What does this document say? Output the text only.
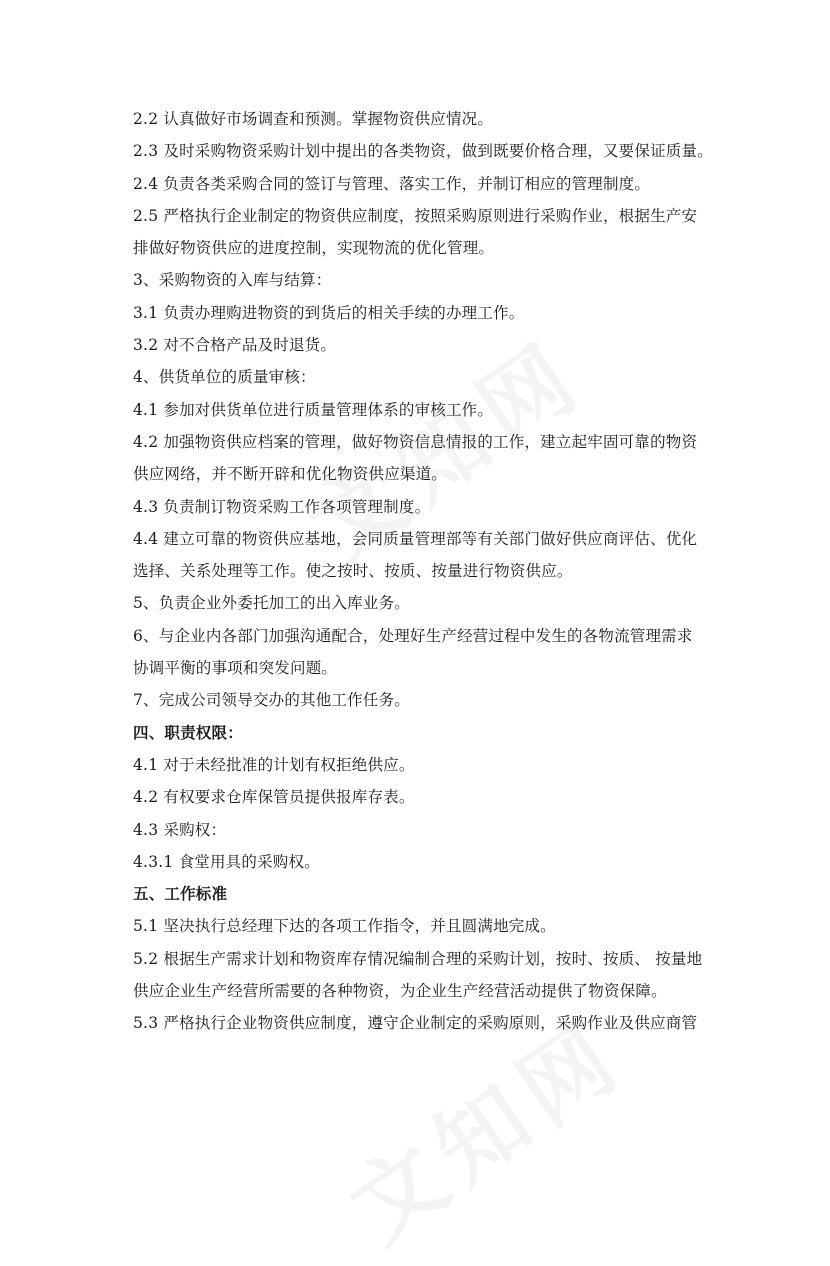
2.2 认真做好市场调查和预测。掌握物资供应情况。
2.3 及时采购物资采购计划中提出的各类物资，做到既要价格合理，又要保证质量。
2.4 负责各类采购合同的签订与管理、落实工作，并制订相应的管理制度。
2.5 严格执行企业制定的物资供应制度，按照采购原则进行采购作业，根据生产安
排做好物资供应的进度控制，实现物流的优化管理。
3、采购物资的入库与结算：
3.1 负责办理购进物资的到货后的相关手续的办理工作。
3.2 对不合格产品及时退货。
4、供货单位的质量审核：
4.1 参加对供货单位进行质量管理体系的审核工作。
4.2 加强物资供应档案的管理，做好物资信息情报的工作，建立起牢固可靠的物资
供应网络，并不断开辟和优化物资供应渠道。
4.3 负责制订物资采购工作各项管理制度。
4.4 建立可靠的物资供应基地，会同质量管理部等有关部门做好供应商评估、优化
选择、关系处理等工作。使之按时、按质、按量进行物资供应。
5、负责企业外委托加工的出入库业务。
6、与企业内各部门加强沟通配合，处理好生产经营过程中发生的各物流管理需求
协调平衡的事项和突发问题。
7、完成公司领导交办的其他工作任务。
四、职责权限：
4.1 对于未经批准的计划有权拒绝供应。
4.2 有权要求仓库保管员提供报库存表。
4.3 采购权：
4.3.1 食堂用具的采购权。
五、工作标准
5.1 坚决执行总经理下达的各项工作指令，并且圆满地完成。
5.2 根据生产需求计划和物资库存情况编制合理的采购计划，按时、按质、 按量地
供应企业生产经营所需要的各种物资，为企业生产经营活动提供了物资保障。
5.3 严格执行企业物资供应制度，遵守企业制定的采购原则，采购作业及供应商管
